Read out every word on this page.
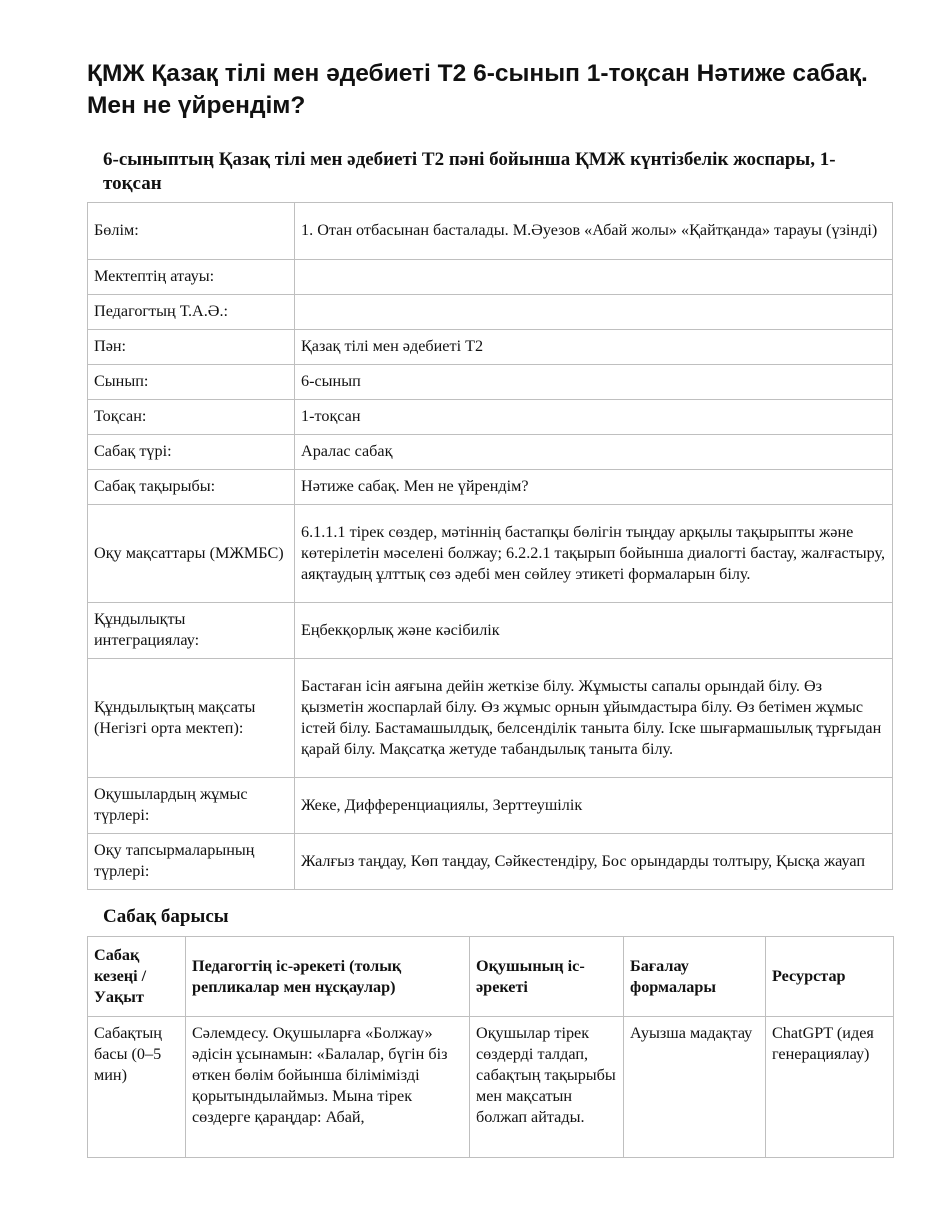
ҚМЖ Қазақ тілі мен әдебиеті Т2 6-сынып 1-тоқсан Нәтиже сабақ. Мен не үйрендім?
6-сыныптың Қазақ тілі мен әдебиеті Т2 пәні бойынша ҚМЖ күнтізбелік жоспары, 1-тоқсан
Бөлім:	1. Отан отбасынан басталады. М.Әуезов «Абай жолы» «Қайтқанда» тарауы (үзінді)
Мектептің атауы:	
Педагогтың Т.А.Ә.:	
Пән:	Қазақ тілі мен әдебиеті Т2
Сынып:	6-сынып
Тоқсан:	1-тоқсан
Сабақ түрі:	Аралас сабақ
Сабақ тақырыбы:	Нәтиже сабақ. Мен не үйрендім?
Оқу мақсаттары (МЖМБС)	6.1.1.1 тірек сөздер, мәтіннің бастапқы бөлігін тыңдау арқылы тақырыпты және көтерілетін мәселені болжау; 6.2.2.1 тақырып бойынша диалогті бастау, жалғастыру, аяқтаудың ұлттық сөз әдебі мен сөйлеу этикеті формаларын білу.
Құндылықты интеграциялау:	Еңбекқорлық және кәсібилік
Құндылықтың мақсаты (Негізгі орта мектеп):	Бастаған ісін аяғына дейін жеткізе білу. Жұмысты сапалы орындай білу. Өз қызметін жоспарлай білу. Өз жұмыс орнын ұйымдастыра білу. Өз бетімен жұмыс істей білу. Бастамашылдық, белсенділік таныта білу. Іске шығармашылық тұрғыдан қарай білу. Мақсатқа жетуде табандылық таныта білу.
Оқушылардың жұмыс түрлері:	Жеке, Дифференциациялы, Зерттеушілік
Оқу тапсырмаларының түрлері:	Жалғыз таңдау, Көп таңдау, Сәйкестендіру, Бос орындарды толтыру, Қысқа жауап
Сабақ барысы
Сабақ кезеңі / Уақыт	Педагогтің іс-әрекеті (толық репликалар мен нұсқаулар)	Оқушының іс-әрекеті	Бағалау формалары	Ресурстар
Сабақтың басы (0–5 мин)	Сәлемдесу. Оқушыларға «Болжау» әдісін ұсынамын: «Балалар, бүгін біз өткен бөлім бойынша білімімізді қорытындылаймыз. Мына тірек сөздерге қараңдар: Абай,	Оқушылар тірек сөздерді талдап, сабақтың тақырыбы мен мақсатын болжап айтады.	Ауызша мадақтау	ChatGPT (идея генерациялау)
